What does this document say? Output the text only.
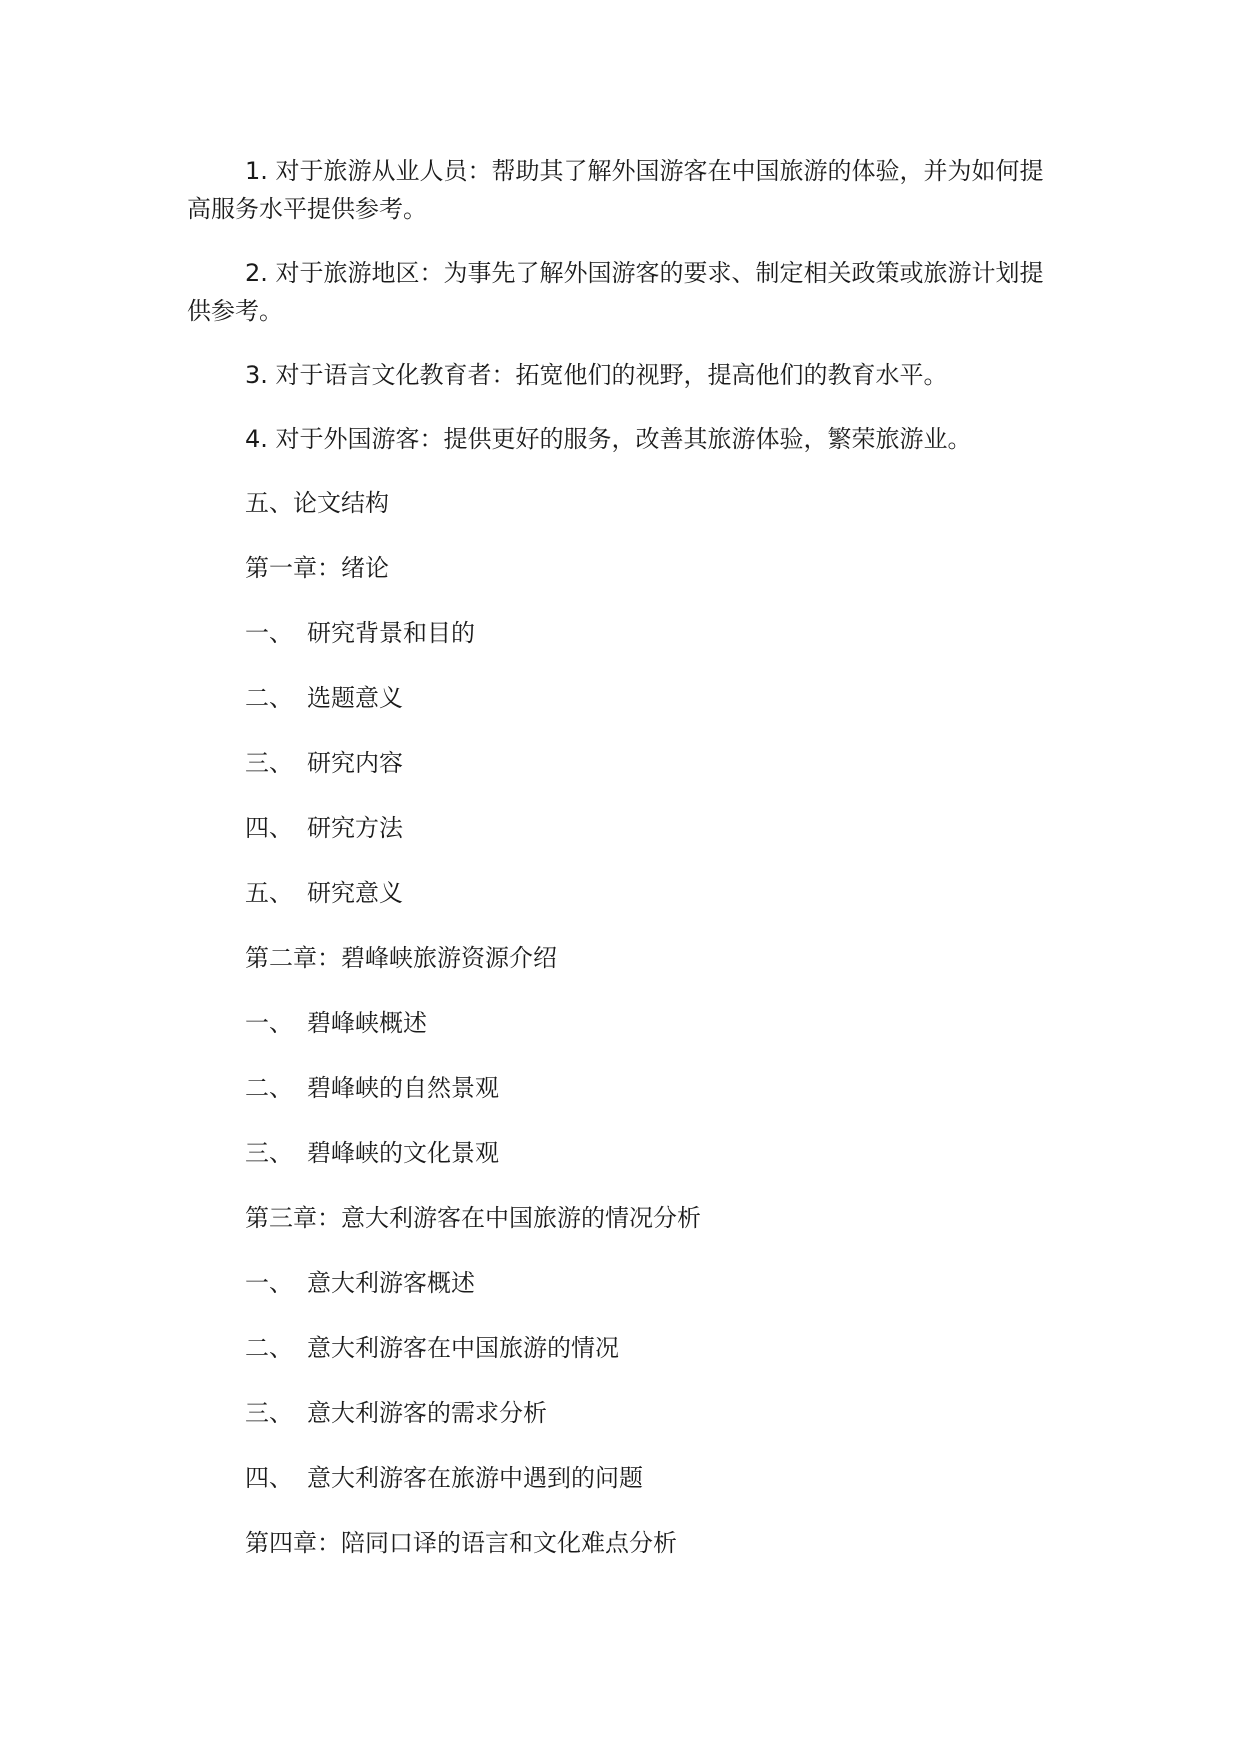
1. 对于旅游从业人员：帮助其了解外国游客在中国旅游的体验，并为如何提高服务水平提供参考。

2. 对于旅游地区：为事先了解外国游客的要求、制定相关政策或旅游计划提供参考。

3. 对于语言文化教育者：拓宽他们的视野，提高他们的教育水平。

4. 对于外国游客：提供更好的服务，改善其旅游体验，繁荣旅游业。

五、论文结构
第一章：绪论
一、 研究背景和目的
二、 选题意义
三、 研究内容
四、 研究方法
五、 研究意义
第二章：碧峰峡旅游资源介绍
一、 碧峰峡概述
二、 碧峰峡的自然景观
三、 碧峰峡的文化景观
第三章：意大利游客在中国旅游的情况分析
一、 意大利游客概述
二、 意大利游客在中国旅游的情况
三、 意大利游客的需求分析
四、 意大利游客在旅游中遇到的问题
第四章：陪同口译的语言和文化难点分析
